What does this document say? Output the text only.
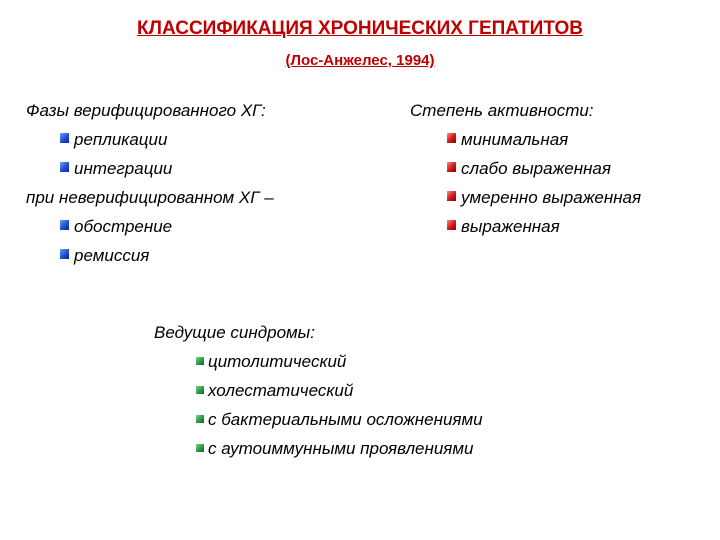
КЛАССИФИКАЦИЯ ХРОНИЧЕСКИХ ГЕПАТИТОВ
(Лос-Анжелес, 1994)
Фазы верифицированного ХГ:
репликации
интеграции
при неверифицированном ХГ –
обострение
ремиссия
Степень активности:
минимальная
слабо выраженная
умеренно выраженная
выраженная
Ведущие синдромы:
цитолитический
холестатический
с бактериальными осложнениями
с аутоиммунными проявлениями
